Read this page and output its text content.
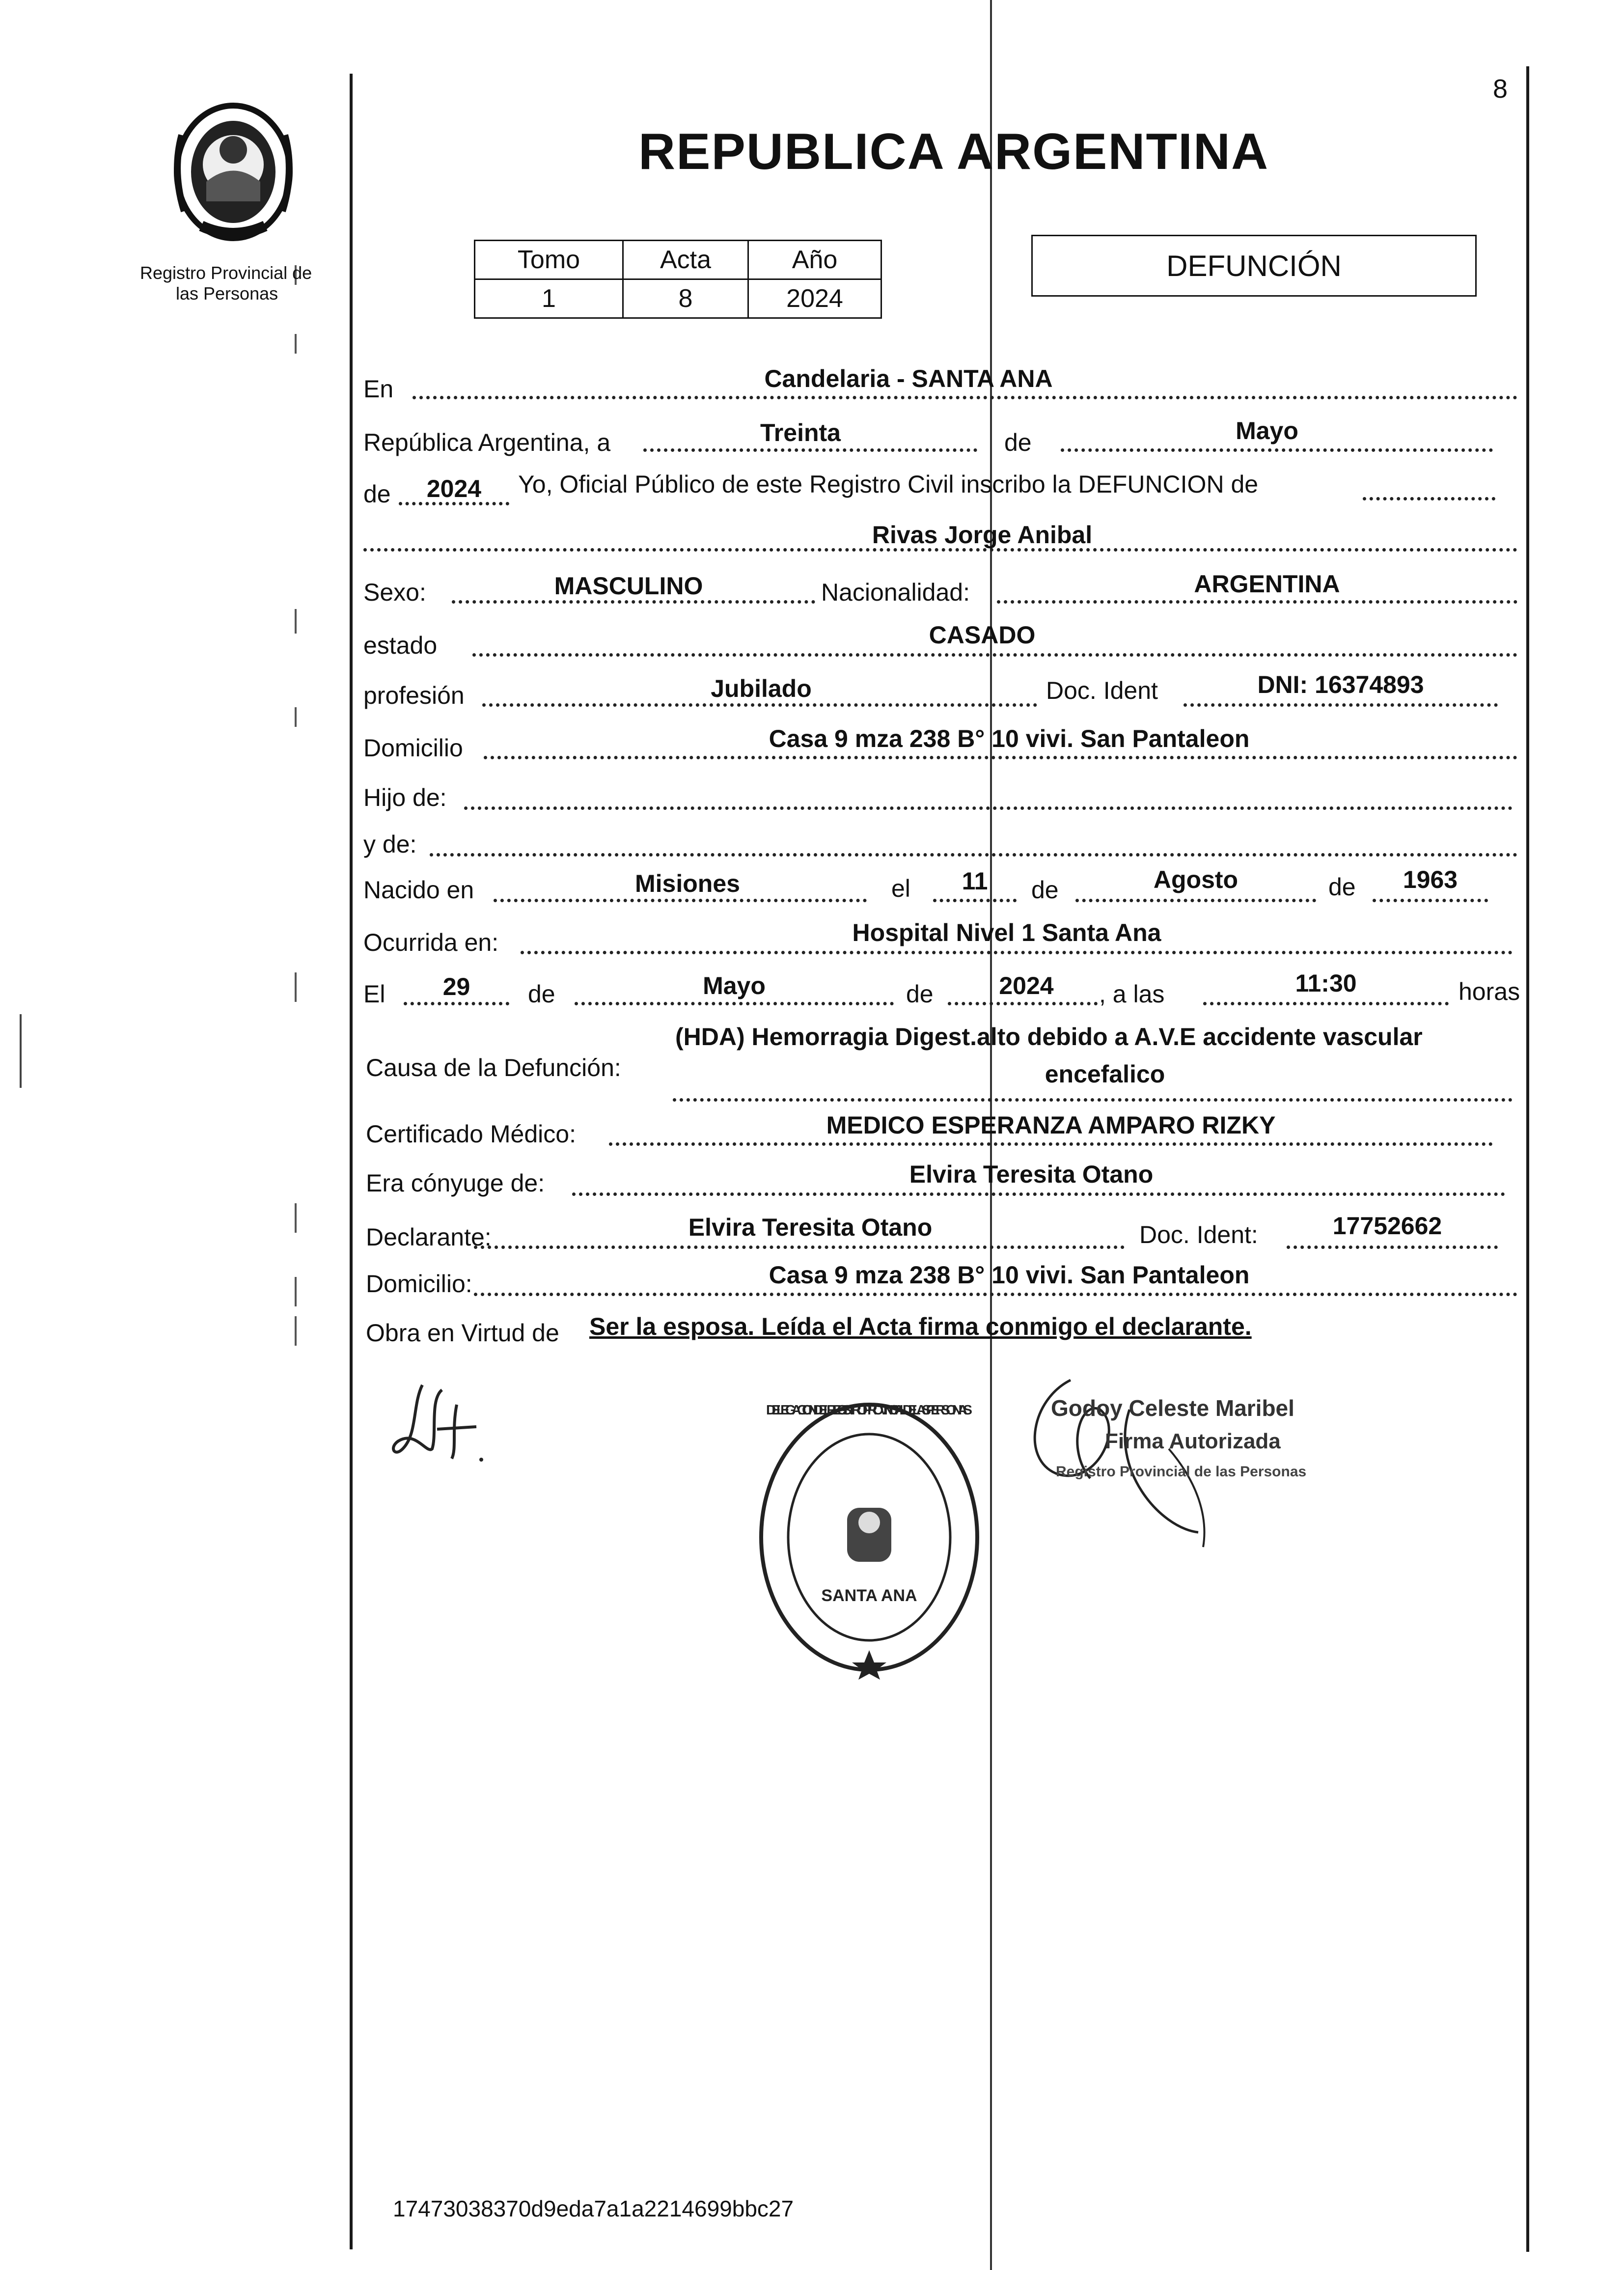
8
Registro Provincial de
las Personas
REPUBLICA ARGENTINA
Tomo	Acta	Año
1	8	2024
DEFUNCIÓN
En	Candelaria - SANTA ANA
República Argentina, a	Treinta	de	Mayo
de	2024	Yo, Oficial Público de este Registro Civil inscribo la DEFUNCION de
Rivas Jorge Anibal
Sexo:	MASCULINO	Nacionalidad:	ARGENTINA
estado	CASADO
profesión	Jubilado	Doc. Ident	DNI: 16374893
Domicilio	Casa 9 mza 238 B° 10 vivi. San Pantaleon
Hijo de:
y de:
Nacido en	Misiones	el	11	de	Agosto	de	1963
Ocurrida en:	Hospital Nivel 1 Santa Ana
El	29	de	Mayo	de	2024	, a las	11:30	horas
Causa de la Defunción:
(HDA) Hemorragia Digest.alto debido a A.V.E accidente vascular
encefalico
Certificado Médico:	MEDICO ESPERANZA AMPARO RIZKY
Era cónyuge de:	Elvira Teresita Otano
Declarante:	Elvira Teresita Otano	Doc. Ident:	17752662
Domicilio:	Casa 9 mza 238 B° 10 vivi. San Pantaleon
Obra en Virtud de Ser la esposa. Leída el Acta firma conmigo el declarante.
SANTA ANA
DELEGACION DEL REGISTRO PROVINCIAL DE LAS PERSONAS	Godoy Celeste Maribel
Firma Autorizada
Registro Provincial de las Personas
17473038370d9eda7a1a2214699bbc27
